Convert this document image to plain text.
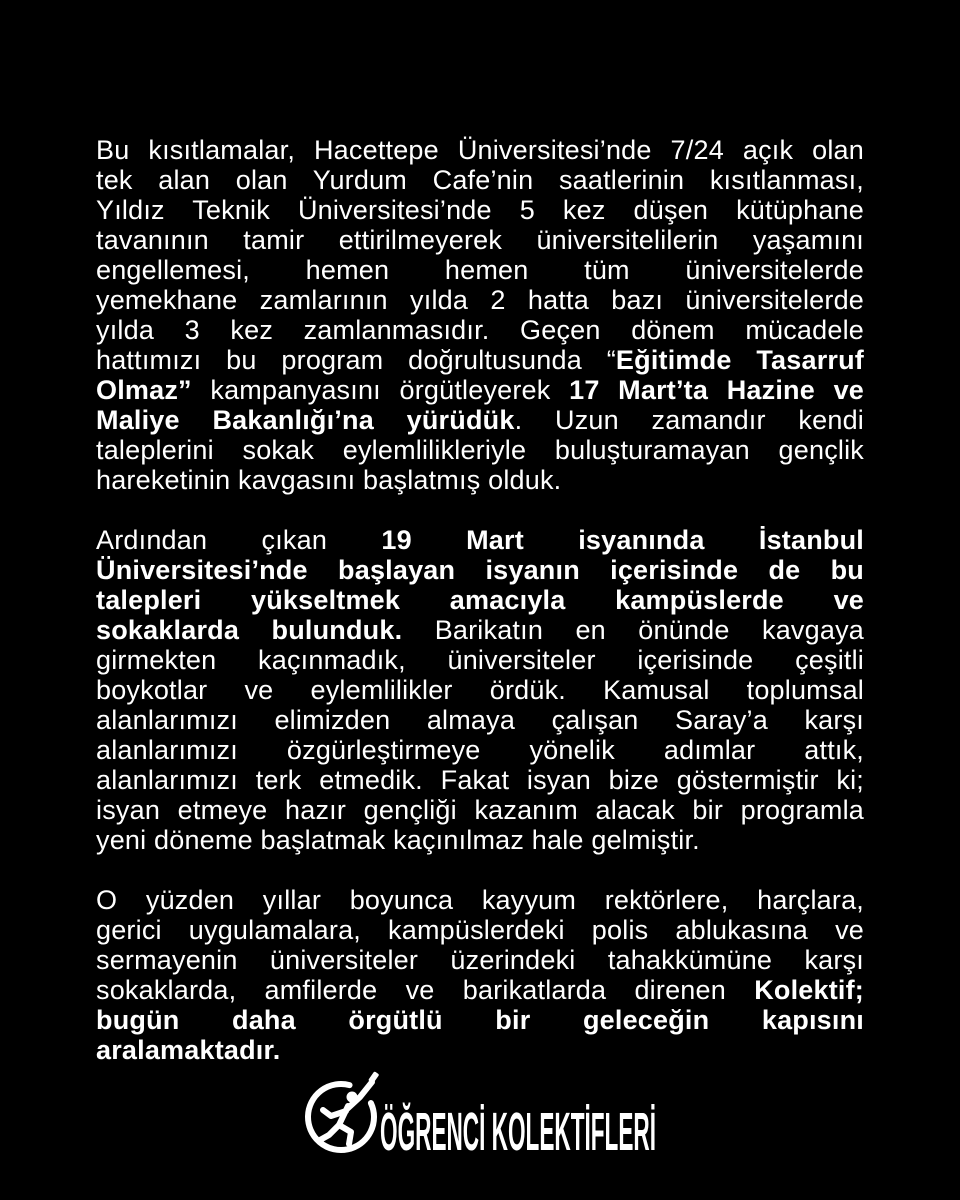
Bu kısıtlamalar, Hacettepe Üniversitesi’nde 7/24 açık olan
tek alan olan Yurdum Cafe’nin saatlerinin kısıtlanması,
Yıldız Teknik Üniversitesi’nde 5 kez düşen kütüphane
tavanının tamir ettirilmeyerek üniversitelilerin yaşamını
engellemesi, hemen hemen tüm üniversitelerde
yemekhane zamlarının yılda 2 hatta bazı üniversitelerde
yılda 3 kez zamlanmasıdır. Geçen dönem mücadele
hattımızı bu program doğrultusunda “Eğitimde Tasarruf
Olmaz” kampanyasını örgütleyerek 17 Mart’ta Hazine ve
Maliye Bakanlığı’na yürüdük. Uzun zamandır kendi
taleplerini sokak eylemlilikleriyle buluşturamayan gençlik
hareketinin kavgasını başlatmış olduk.
Ardından çıkan 19 Mart isyanında İstanbul
Üniversitesi’nde başlayan isyanın içerisinde de bu
talepleri yükseltmek amacıyla kampüslerde ve
sokaklarda bulunduk. Barikatın en önünde kavgaya
girmekten kaçınmadık, üniversiteler içerisinde çeşitli
boykotlar ve eylemlilikler ördük. Kamusal toplumsal
alanlarımızı elimizden almaya çalışan Saray’a karşı
alanlarımızı özgürleştirmeye yönelik adımlar attık,
alanlarımızı terk etmedik. Fakat isyan bize göstermiştir ki;
isyan etmeye hazır gençliği kazanım alacak bir programla
yeni döneme başlatmak kaçınılmaz hale gelmiştir.
O yüzden yıllar boyunca kayyum rektörlere, harçlara,
gerici uygulamalara, kampüslerdeki polis ablukasına ve
sermayenin üniversiteler üzerindeki tahakkümüne karşı
sokaklarda, amfilerde ve barikatlarda direnen Kolektif;
bugün daha örgütlü bir geleceğin kapısını
aralamaktadır.
ÖĞRENCİ KOLEKTİFLERİ
